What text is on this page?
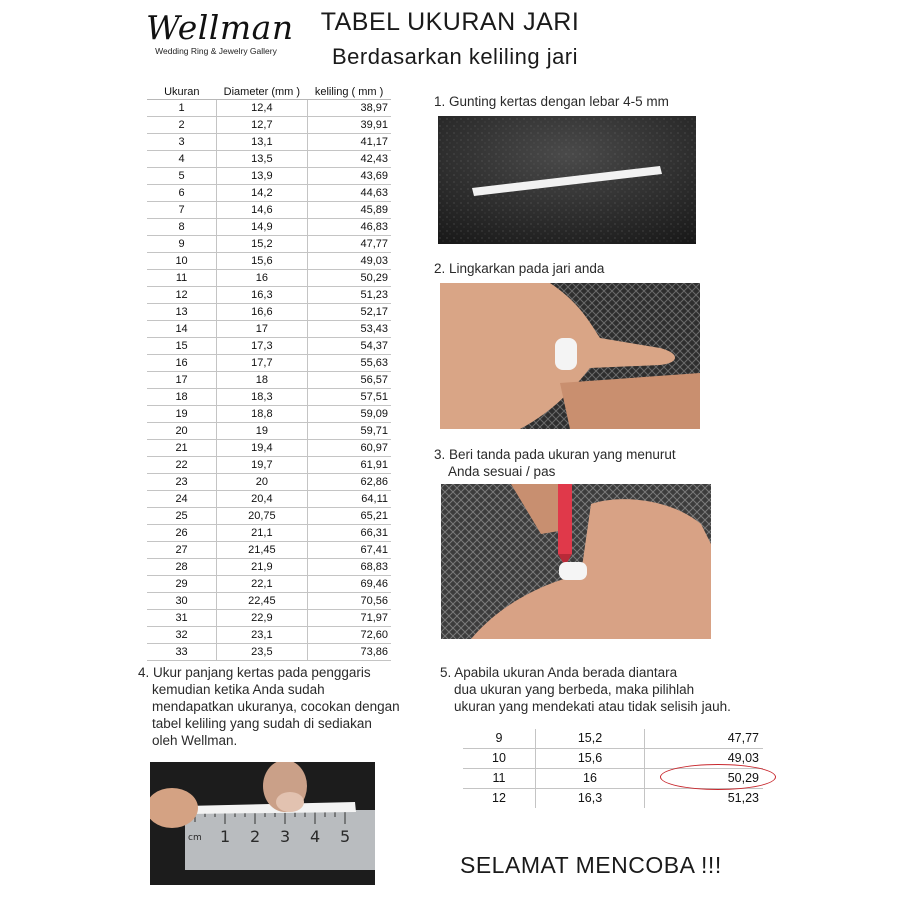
Wellman
Wedding Ring & Jewelry Gallery
TABEL UKURAN JARI
Berdasarkan keliling jari
Ukuran	Diameter (mm )	keliling ( mm )
1	12,4	38,97
2	12,7	39,91
3	13,1	41,17
4	13,5	42,43
5	13,9	43,69
6	14,2	44,63
7	14,6	45,89
8	14,9	46,83
9	15,2	47,77
10	15,6	49,03
11	16	50,29
12	16,3	51,23
13	16,6	52,17
14	17	53,43
15	17,3	54,37
16	17,7	55,63
17	18	56,57
18	18,3	57,51
19	18,8	59,09
20	19	59,71
21	19,4	60,97
22	19,7	61,91
23	20	62,86
24	20,4	64,11
25	20,75	65,21
26	21,1	66,31
27	21,45	67,41
28	21,9	68,83
29	22,1	69,46
30	22,45	70,56
31	22,9	71,97
32	23,1	72,60
33	23,5	73,86
1. Gunting kertas dengan lebar 4-5 mm
2. Lingkarkan pada jari anda
3. Beri tanda pada ukuran yang menurut
Anda sesuai / pas
4. Ukur panjang kertas pada penggaris
kemudian ketika Anda sudah
mendapatkan ukuranya, cocokan dengan
tabel keliling yang sudah di sediakan
oleh Wellman.
cm 1 2 3 4 5
5. Apabila ukuran Anda berada diantara
dua ukuran yang berbeda, maka pilihlah
ukuran yang mendekati atau tidak selisih jauh.
9	15,2	47,77
10	15,6	49,03
11	16	50,29
12	16,3	51,23
SELAMAT MENCOBA !!!
